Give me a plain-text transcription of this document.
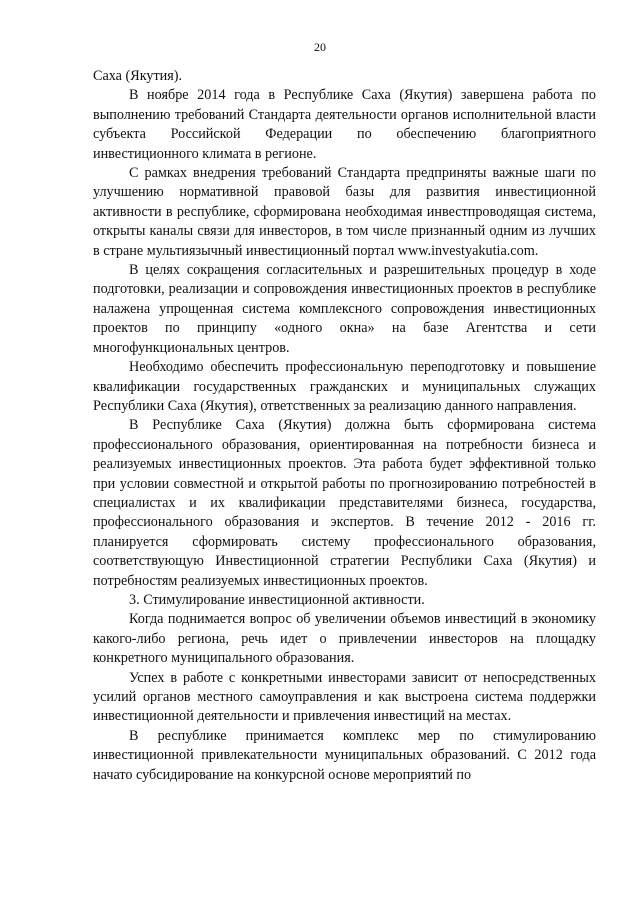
20

Саха (Якутия).

В ноябре 2014 года в Республике Саха (Якутия) завершена работа по выполнению требований Стандарта деятельности органов исполнительной власти субъекта Российской Федерации по обеспечению благоприятного инвестиционного климата в регионе.

С рамках внедрения требований Стандарта предприняты важные шаги по улучшению нормативной правовой базы для развития инвестиционной активности в республике, сформирована необходимая инвестпроводящая система, открыты каналы связи для инвесторов, в том числе признанный одним из лучших в стране мультиязычный инвестиционный портал www.investyakutia.com.

В целях сокращения согласительных и разрешительных процедур в ходе подготовки, реализации и сопровождения инвестиционных проектов в республике налажена упрощенная система комплексного сопровождения инвестиционных проектов по принципу «одного окна» на базе Агентства и сети многофункциональных центров.

Необходимо обеспечить профессиональную переподготовку и повышение квалификации государственных гражданских и муниципальных служащих Республики Саха (Якутия), ответственных за реализацию данного направления.

В Республике Саха (Якутия) должна быть сформирована система профессионального образования, ориентированная на потребности бизнеса и реализуемых инвестиционных проектов. Эта работа будет эффективной только при условии совместной и открытой работы по прогнозированию потребностей в специалистах и их квалификации представителями бизнеса, государства, профессионального образования и экспертов. В течение 2012 - 2016 гг. планируется сформировать систему профессионального образования, соответствующую Инвестиционной стратегии Республики Саха (Якутия) и потребностям реализуемых инвестиционных проектов.

3. Стимулирование инвестиционной активности.

Когда поднимается вопрос об увеличении объемов инвестиций в экономику какого-либо региона, речь идет о привлечении инвесторов на площадку конкретного муниципального образования.

Успех в работе с конкретными инвесторами зависит от непосредственных усилий органов местного самоуправления и как выстроена система поддержки инвестиционной деятельности и привлечения инвестиций на местах.

В республике принимается комплекс мер по стимулированию инвестиционной привлекательности муниципальных образований. С 2012 года начато субсидирование на конкурсной основе мероприятий по
